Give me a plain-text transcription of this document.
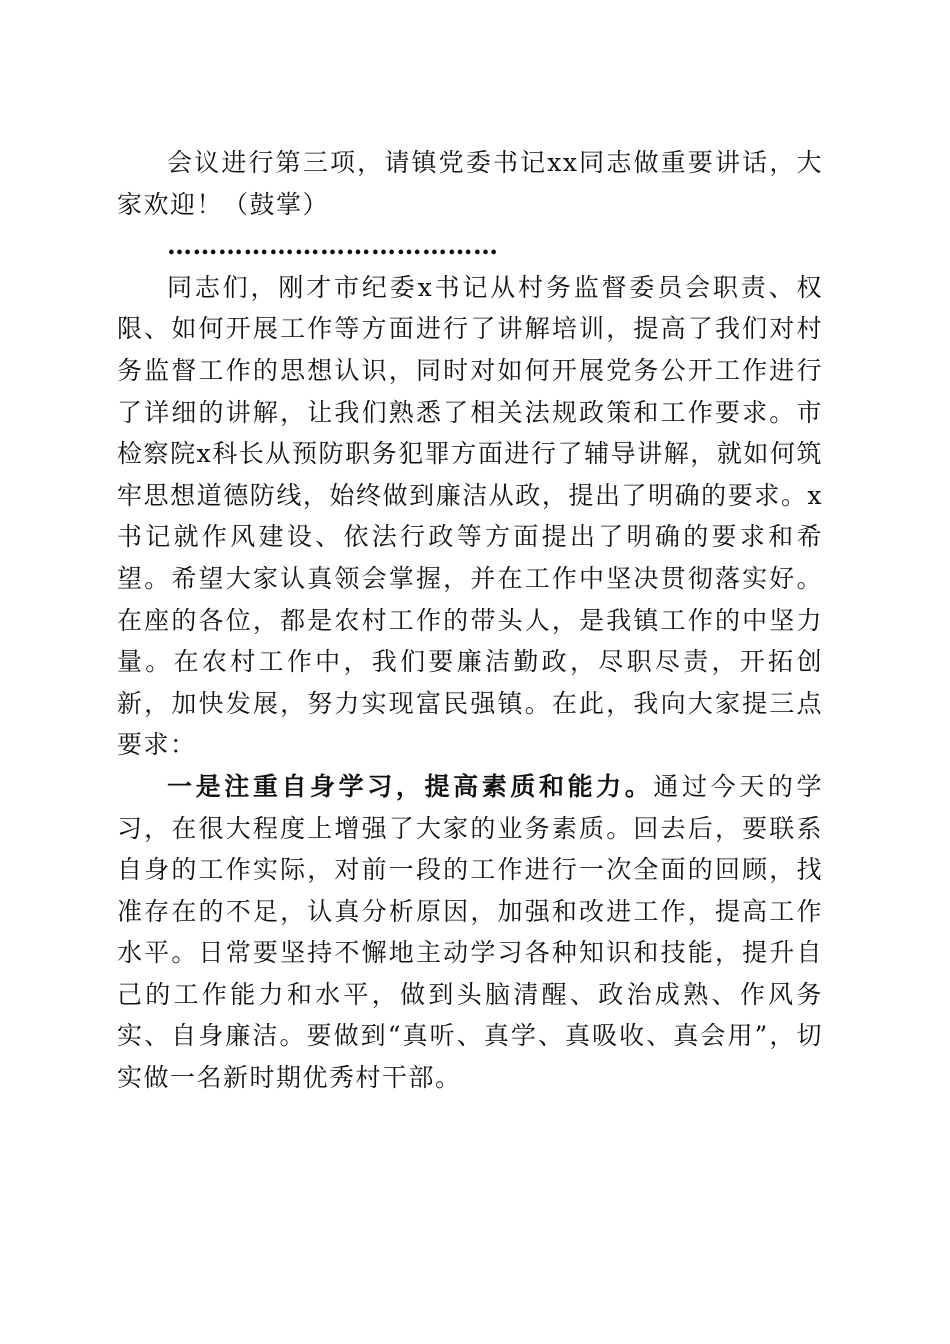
会议进行第三项，请镇党委书记xx同志做重要讲话，大家欢迎！（鼓掌）

…………………………………

同志们，刚才市纪委x书记从村务监督委员会职责、权限、如何开展工作等方面进行了讲解培训，提高了我们对村务监督工作的思想认识，同时对如何开展党务公开工作进行了详细的讲解，让我们熟悉了相关法规政策和工作要求。市检察院x科长从预防职务犯罪方面进行了辅导讲解，就如何筑牢思想道德防线，始终做到廉洁从政，提出了明确的要求。x书记就作风建设、依法行政等方面提出了明确的要求和希望。希望大家认真领会掌握，并在工作中坚决贯彻落实好。在座的各位，都是农村工作的带头人，是我镇工作的中坚力量。在农村工作中，我们要廉洁勤政，尽职尽责，开拓创新，加快发展，努力实现富民强镇。在此，我向大家提三点要求：

一是注重自身学习，提高素质和能力。通过今天的学习，在很大程度上增强了大家的业务素质。回去后，要联系自身的工作实际，对前一段的工作进行一次全面的回顾，找准存在的不足，认真分析原因，加强和改进工作，提高工作水平。日常要坚持不懈地主动学习各种知识和技能，提升自己的工作能力和水平，做到头脑清醒、政治成熟、作风务实、自身廉洁。要做到“真听、真学、真吸收、真会用”，切实做一名新时期优秀村干部。
